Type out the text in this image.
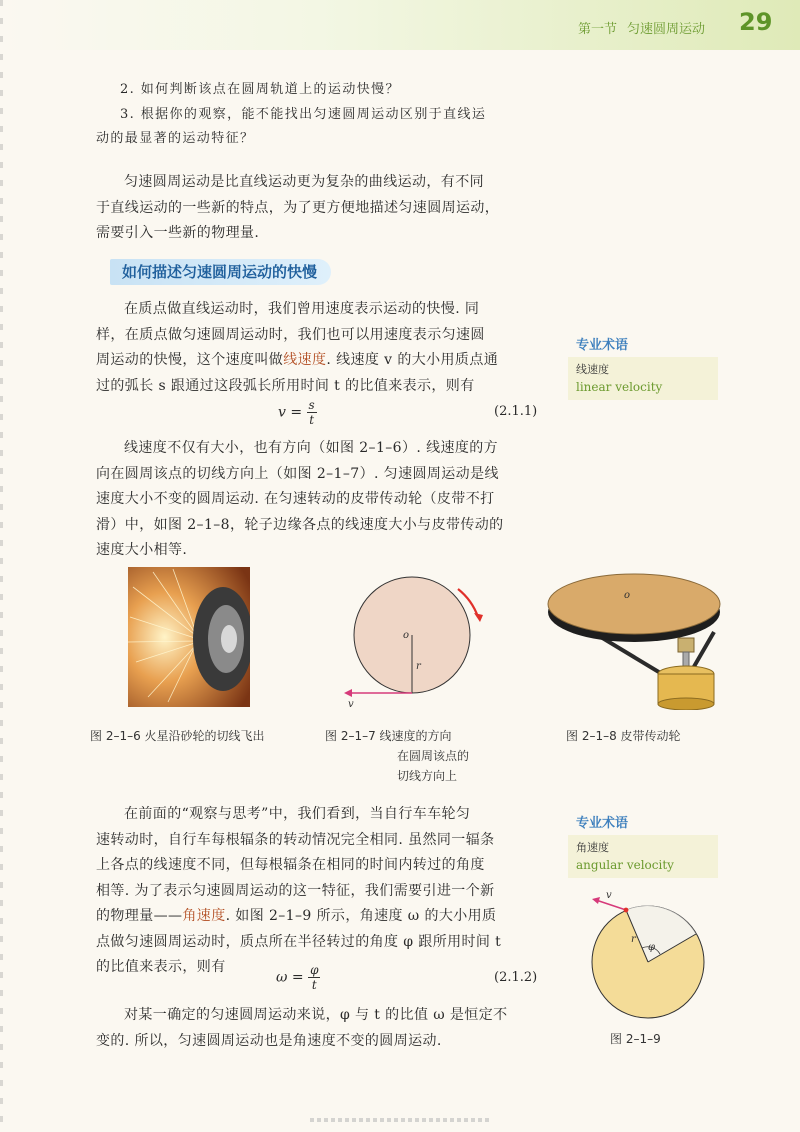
第一节 匀速圆周运动	29
2. 如何判断该点在圆周轨道上的运动快慢？
3. 根据你的观察，能不能找出匀速圆周运动区别于直线运
动的最显著的运动特征？
匀速圆周运动是比直线运动更为复杂的曲线运动，有不同
于直线运动的一些新的特点，为了更方便地描述匀速圆周运动，
需要引入一些新的物理量.
如何描述匀速圆周运动的快慢
在质点做直线运动时，我们曾用速度表示运动的快慢. 同
样，在质点做匀速圆周运动时，我们也可以用速度表示匀速圆
周运动的快慢，这个速度叫做线速度. 线速度 v 的大小用质点通
过的弧长 s 跟通过这段弧长所用时间 t 的比值来表示，则有
$v = \frac{s}{t}$	(2.1.1)
专业术语
线速度
linear velocity
线速度不仅有大小，也有方向（如图 2–1–6）. 线速度的方
向在圆周该点的切线方向上（如图 2–1–7）. 匀速圆周运动是线
速度大小不变的圆周运动. 在匀速转动的皮带传动轮（皮带不打
滑）中，如图 2–1–8，轮子边缘各点的线速度大小与皮带传动的
速度大小相等.
o
r
v
o
图 2–1–6 火星沿砂轮的切线飞出	图 2–1–7 线速度的方向
在圆周该点的
切线方向上
图 2–1–8 皮带传动轮
在前面的“观察与思考”中，我们看到，当自行车车轮匀
速转动时，自行车每根辐条的转动情况完全相同. 虽然同一辐条
上各点的线速度不同，但每根辐条在相同的时间内转过的角度
相等. 为了表示匀速圆周运动的这一特征，我们需要引进一个新
的物理量——角速度. 如图 2–1–9 所示，角速度 ω 的大小用质
点做匀速圆周运动时，质点所在半径转过的角度 φ 跟所用时间 t
的比值来表示，则有
$\omega = \frac{\varphi}{t}$	(2.1.2)
对某一确定的匀速圆周运动来说，φ 与 t 的比值 ω 是恒定不
变的. 所以，匀速圆周运动也是角速度不变的圆周运动.
专业术语
角速度
angular velocity
v
r
φ
图 2–1–9
